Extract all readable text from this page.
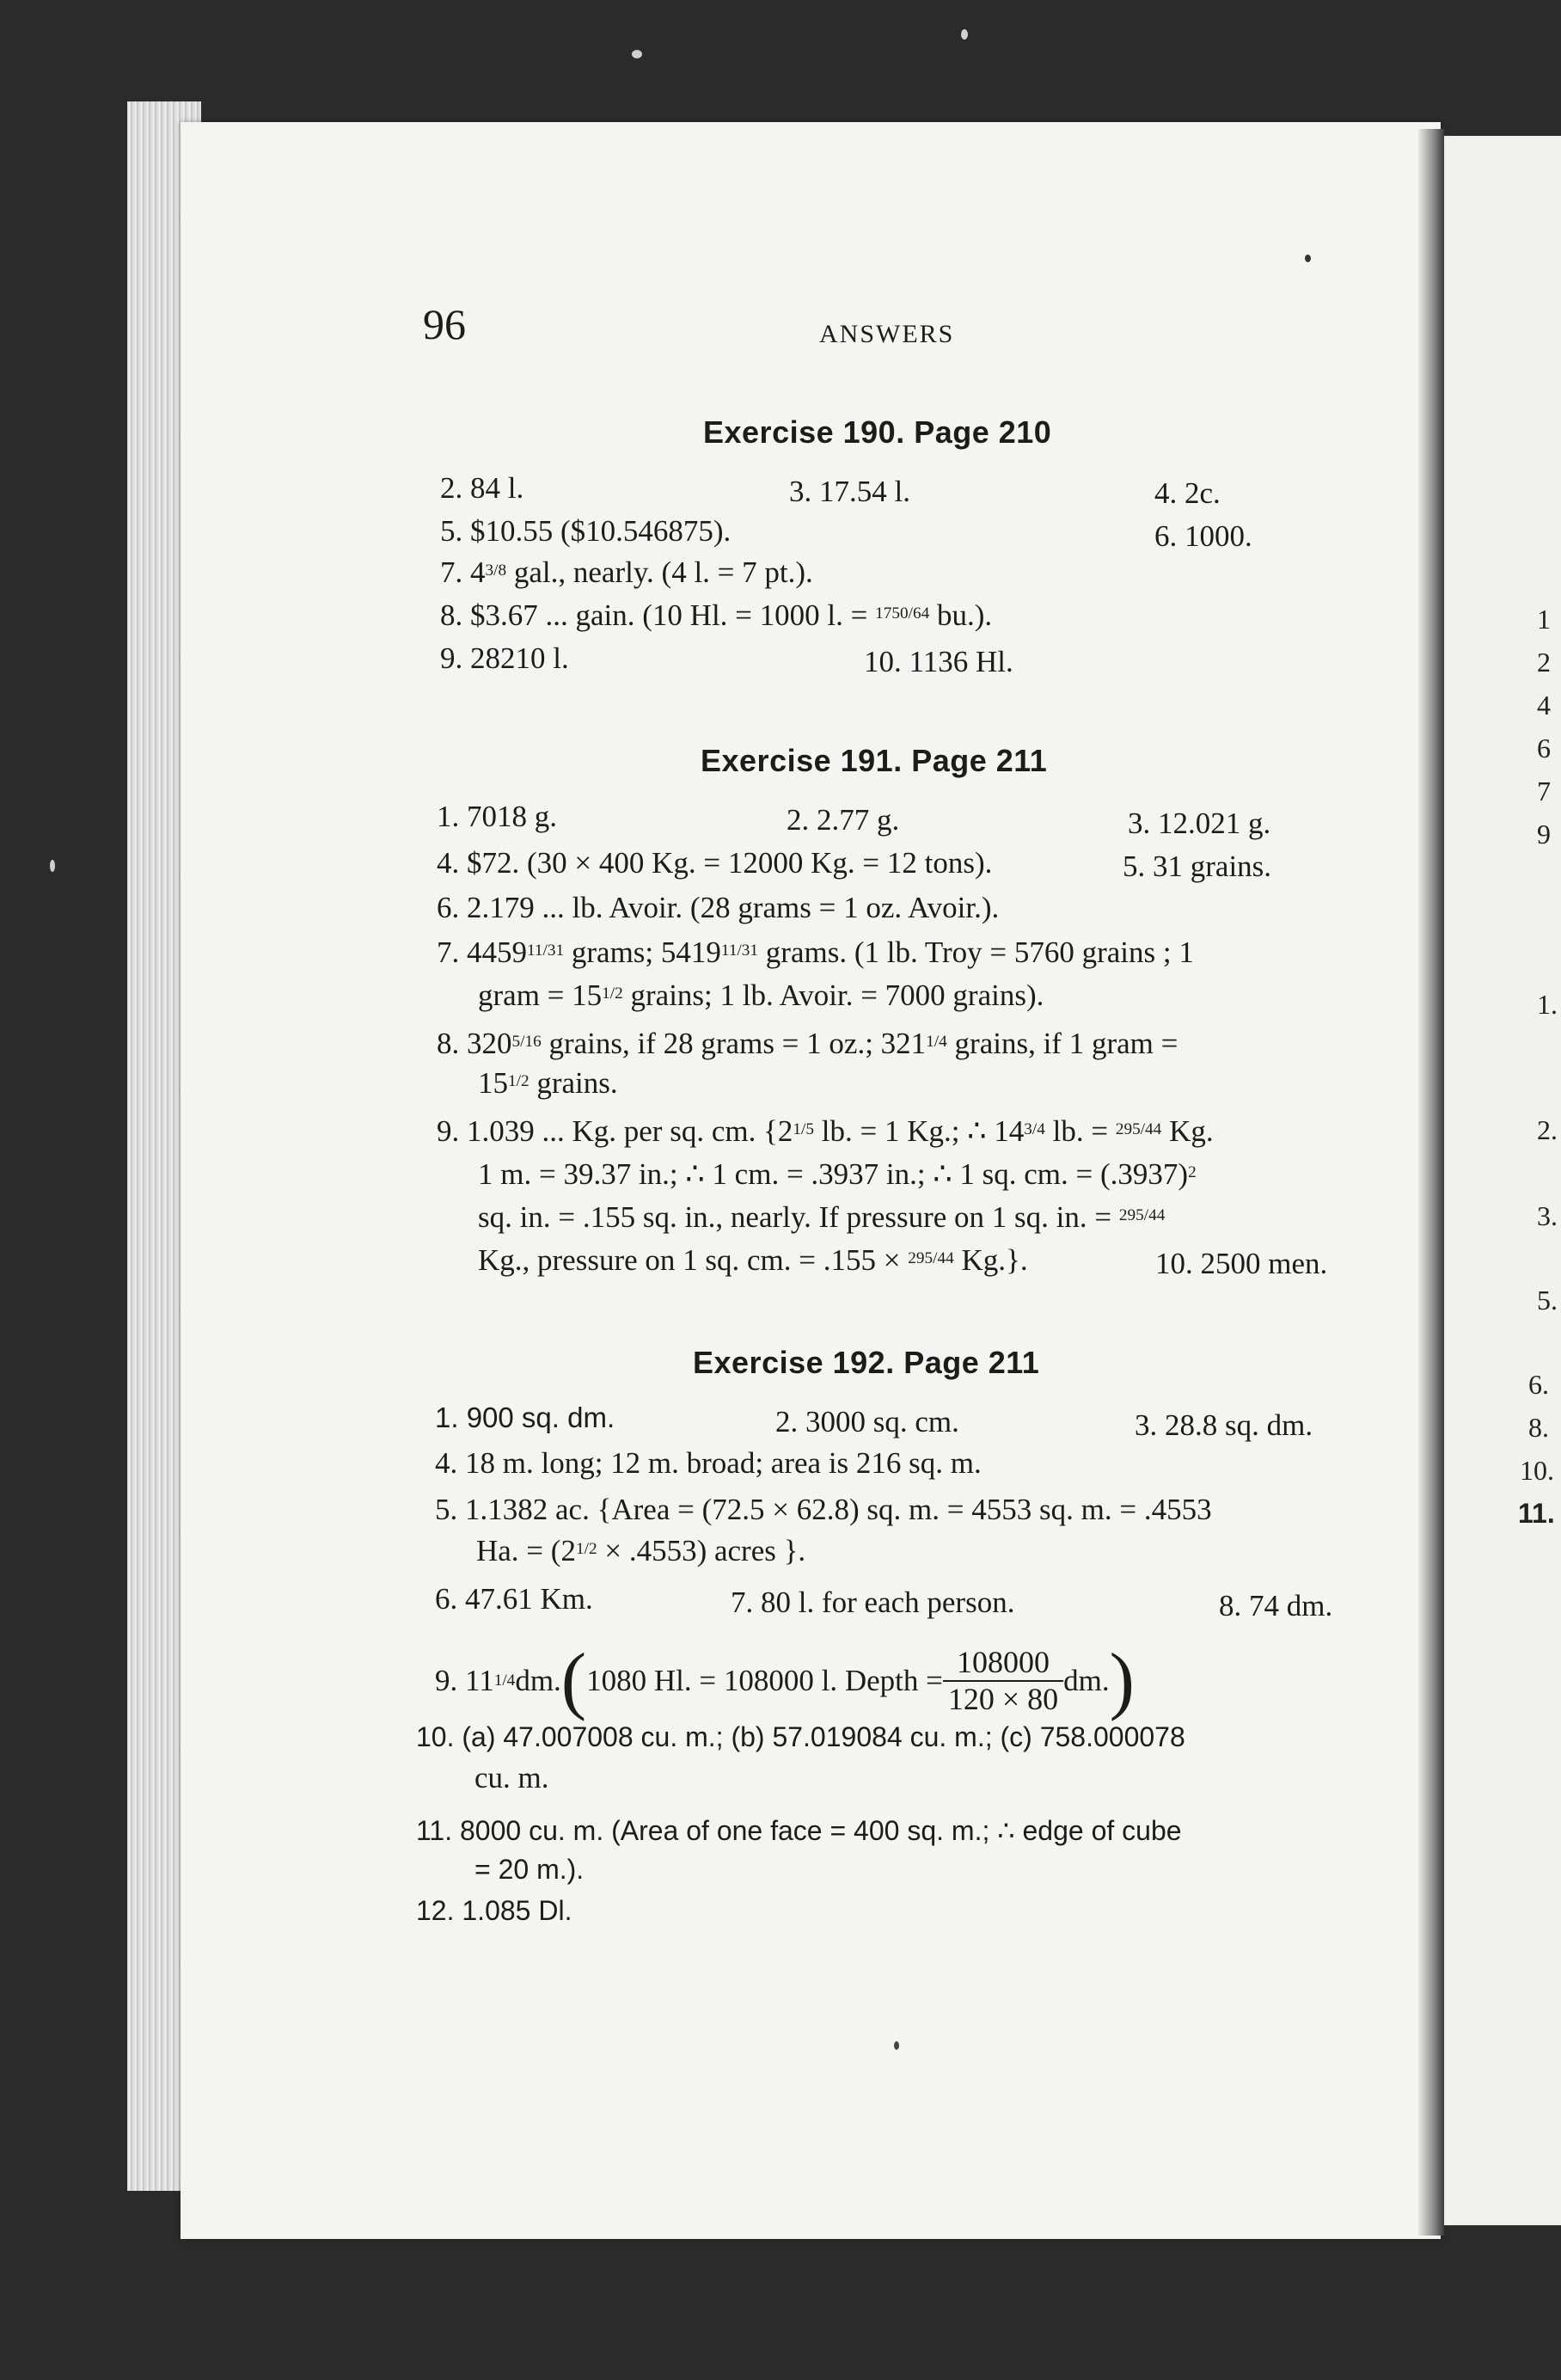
1
2
4
6
7
9
1.
2.
3.
5.
6.
8.
10.
11.
96	ANSWERS
Exercise 190. Page 210
2. 84 l.	3. 17.54 l.	4. 2c.
5. $10.55 ($10.546875).	6. 1000.
7. 43/8 gal., nearly. (4 l. = 7 pt.).
8. $3.67 ... gain. (10 Hl. = 1000 l. = 1750/64 bu.).
9. 28210 l.	10. 1136 Hl.
Exercise 191. Page 211
1. 7018 g.	2. 2.77 g.	3. 12.021 g.
4. $72. (30 × 400 Kg. = 12000 Kg. = 12 tons).	5. 31 grains.
6. 2.179 ... lb. Avoir. (28 grams = 1 oz. Avoir.).
7. 445911/31 grams; 541911/31 grams. (1 lb. Troy = 5760 grains ; 1
gram = 151/2 grains; 1 lb. Avoir. = 7000 grains).
8. 3205/16 grains, if 28 grams = 1 oz.; 3211/4 grains, if 1 gram =
151/2 grains.
9. 1.039 ... Kg. per sq. cm. {21/5 lb. = 1 Kg.; ∴ 143/4 lb. = 295/44 Kg.
1 m. = 39.37 in.; ∴ 1 cm. = .3937 in.; ∴ 1 sq. cm. = (.3937)2
sq. in. = .155 sq. in., nearly. If pressure on 1 sq. in. = 295/44
Kg., pressure on 1 sq. cm. = .155 × 295/44 Kg.}.	10. 2500 men.
Exercise 192. Page 211
1. 900 sq. dm.	2. 3000 sq. cm.	3. 28.8 sq. dm.
4. 18 m. long; 12 m. broad; area is 216 sq. m.
5. 1.1382 ac. {Area = (72.5 × 62.8) sq. m. = 4553 sq. m. = .4553
Ha. = (21/2 × .4553) acres }.
6. 47.61 Km.	7. 80 l. for each person.	8. 74 dm.
9. 11 1/4 dm. ( 1080 Hl. = 108000 l. Depth = $\frac{108000}{120 \times 80}$ dm. )
10. (a) 47.007008 cu. m.; (b) 57.019084 cu. m.; (c) 758.000078
cu. m.
11. 8000 cu. m. (Area of one face = 400 sq. m.; ∴ edge of cube
= 20 m.).
12. 1.085 Dl.
